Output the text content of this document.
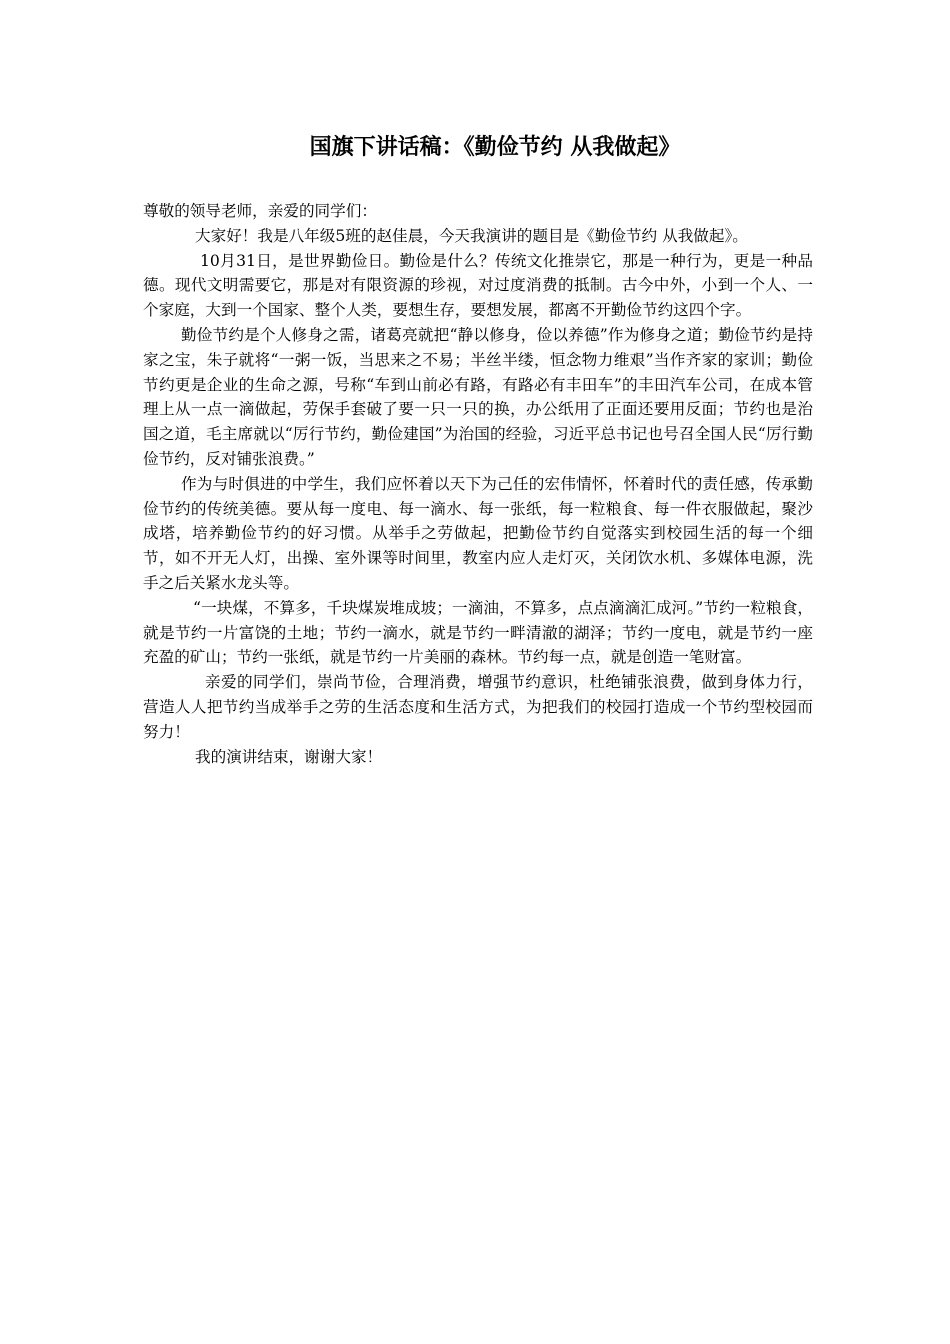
国旗下讲话稿：《勤俭节约 从我做起》

尊敬的领导老师，亲爱的同学们：

大家好！我是八年级5班的赵佳晨，今天我演讲的题目是《勤俭节约 从我做起》。

10月31日，是世界勤俭日。勤俭是什么？传统文化推崇它，那是一种行为，更是一种品德。现代文明需要它，那是对有限资源的珍视，对过度消费的抵制。古今中外，小到一个人、一个家庭，大到一个国家、整个人类，要想生存，要想发展，都离不开勤俭节约这四个字。

勤俭节约是个人修身之需，诸葛亮就把“静以修身，俭以养德”作为修身之道；勤俭节约是持家之宝，朱子就将“一粥一饭，当思来之不易；半丝半缕，恒念物力维艰”当作齐家的家训；勤俭节约更是企业的生命之源，号称“车到山前必有路，有路必有丰田车”的丰田汽车公司，在成本管理上从一点一滴做起，劳保手套破了要一只一只的换，办公纸用了正面还要用反面；节约也是治国之道，毛主席就以“厉行节约，勤俭建国”为治国的经验，习近平总书记也号召全国人民“厉行勤俭节约，反对铺张浪费。”

作为与时俱进的中学生，我们应怀着以天下为己任的宏伟情怀，怀着时代的责任感，传承勤俭节约的传统美德。要从每一度电、每一滴水、每一张纸，每一粒粮食、每一件衣服做起，聚沙成塔，培养勤俭节约的好习惯。从举手之劳做起，把勤俭节约自觉落实到校园生活的每一个细节，如不开无人灯，出操、室外课等时间里，教室内应人走灯灭，关闭饮水机、多媒体电源，洗手之后关紧水龙头等。

“一块煤，不算多，千块煤炭堆成坡；一滴油，不算多，点点滴滴汇成河。”节约一粒粮食，就是节约一片富饶的土地；节约一滴水，就是节约一畔清澈的湖泽；节约一度电，就是节约一座充盈的矿山；节约一张纸，就是节约一片美丽的森林。节约每一点，就是创造一笔财富。

亲爱的同学们，崇尚节俭，合理消费，增强节约意识，杜绝铺张浪费，做到身体力行，营造人人把节约当成举手之劳的生活态度和生活方式，为把我们的校园打造成一个节约型校园而努力！

我的演讲结束，谢谢大家！
